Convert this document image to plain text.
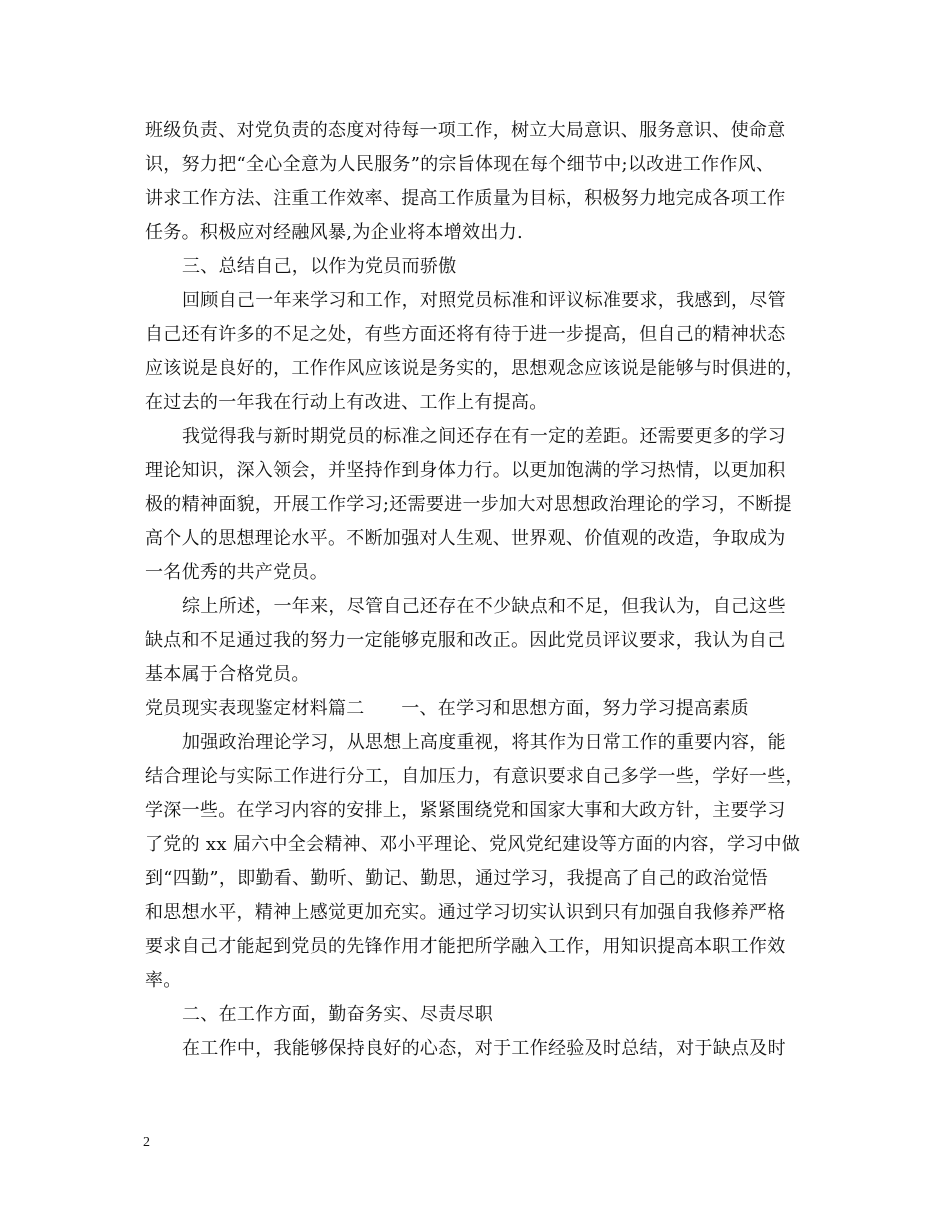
班级负责、对党负责的态度对待每一项工作，树立大局意识、服务意识、使命意
识，努力把“全心全意为人民服务”的宗旨体现在每个细节中;以改进工作作风、
讲求工作方法、注重工作效率、提高工作质量为目标，积极努力地完成各项工作
任务。积极应对经融风暴,为企业将本增效出力.
三、总结自己，以作为党员而骄傲
回顾自己一年来学习和工作，对照党员标准和评议标准要求，我感到，尽管
自己还有许多的不足之处，有些方面还将有待于进一步提高，但自己的精神状态
应该说是良好的，工作作风应该说是务实的，思想观念应该说是能够与时俱进的，
在过去的一年我在行动上有改进、工作上有提高。
我觉得我与新时期党员的标准之间还存在有一定的差距。还需要更多的学习
理论知识，深入领会，并坚持作到身体力行。以更加饱满的学习热情，以更加积
极的精神面貌，开展工作学习;还需要进一步加大对思想政治理论的学习，不断提
高个人的思想理论水平。不断加强对人生观、世界观、价值观的改造，争取成为
一名优秀的共产党员。
综上所述，一年来，尽管自己还存在不少缺点和不足，但我认为，自己这些
缺点和不足通过我的努力一定能够克服和改正。因此党员评议要求，我认为自己
基本属于合格党员。
党员现实表现鉴定材料篇二　　一、在学习和思想方面，努力学习提高素质
加强政治理论学习，从思想上高度重视，将其作为日常工作的重要内容，能
结合理论与实际工作进行分工，自加压力，有意识要求自己多学一些，学好一些，
学深一些。在学习内容的安排上，紧紧围绕党和国家大事和大政方针，主要学习
了党的 xx 届六中全会精神、邓小平理论、党风党纪建设等方面的内容，学习中做
到“四勤”，即勤看、勤听、勤记、勤思，通过学习，我提高了自己的政治觉悟
和思想水平，精神上感觉更加充实。通过学习切实认识到只有加强自我修养严格
要求自己才能起到党员的先锋作用才能把所学融入工作，用知识提高本职工作效
率。
二、在工作方面，勤奋务实、尽责尽职
在工作中，我能够保持良好的心态，对于工作经验及时总结，对于缺点及时
2
